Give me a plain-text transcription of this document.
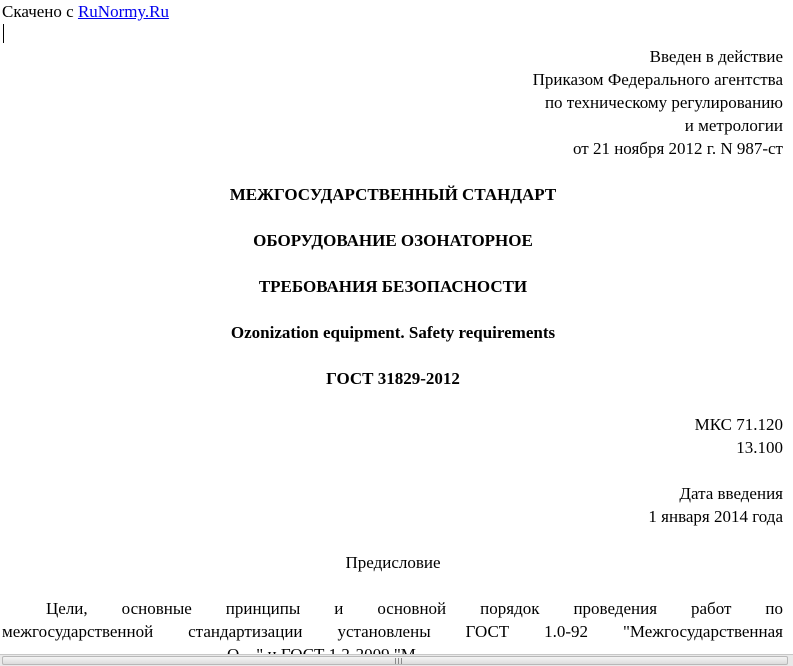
Скачено с RuNormy.Ru
Введен в действие
Приказом Федерального агентства
по техническому регулированию
и метрологии
от 21 ноября 2012 г. N 987-ст
МЕЖГОСУДАРСТВЕННЫЙ СТАНДАРТ
ОБОРУДОВАНИЕ ОЗОНАТОРНОЕ
ТРЕБОВАНИЯ БЕЗОПАСНОСТИ
Ozonization equipment. Safety requirements
ГОСТ 31829-2012
МКС 71.120
13.100
Дата введения
1 января 2014 года
Предисловие
Цели, основные принципы и основной порядок проведения работ по
межгосударственной стандартизации установлены ГОСТ 1.0-92 "Межгосударственная
